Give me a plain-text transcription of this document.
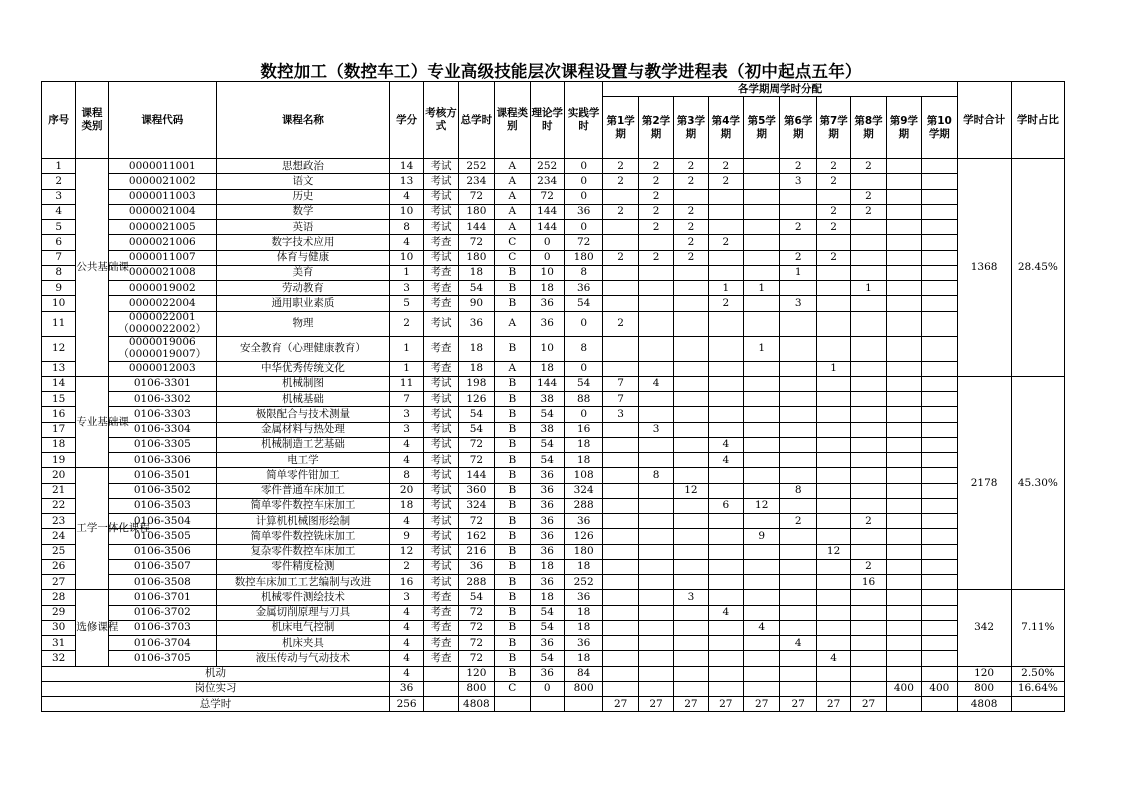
数控加工（数控车工）专业高级技能层次课程设置与教学进程表（初中起点五年）
序号	课程类别	课程代码	课程名称	学分	考核方式	总学时	课程类别	理论学时	实践学时	各学期周学时分配										学时合计	学时占比
										第1学期	第2学期	第3学期	第4学期	第5学期	第6学期	第7学期	第8学期	第9学期	第10学期		
1	公共基础课	0000011001	思想政治	14	考试	252	A	252	0	2	2	2	2		2	2	2			1368	28.45%
2		0000021002	语文	13	考试	234	A	234	0	2	2	2	2		3	2					
3		0000011003	历史	4	考试	72	A	72	0		2						2				
4		0000021004	数学	10	考试	180	A	144	36	2	2	2				2	2				
5		0000021005	英语	8	考试	144	A	144	0		2	2			2	2					
6		0000021006	数字技术应用	4	考查	72	C	0	72			2	2								
7		0000011007	体育与健康	10	考试	180	C	0	180	2	2	2			2	2					
8		0000021008	美育	1	考查	18	B	10	8						1						
9		0000019002	劳动教育	3	考查	54	B	18	36				1	1			1				
10		0000022004	通用职业素质	5	考查	90	B	36	54				2		3						
11		0000022001
（0000022002）	物理	2	考试	36	A	36	0	2											
12		0000019006
（0000019007）	安全教育（心理健康教育）	1	考查	18	B	10	8					1							
13		0000012003	中华优秀传统文化	1	考查	18	A	18	0							1					
14	专业基础课	0106-3301	机械制图	11	考试	198	B	144	54	7	4									2178	45.30%
15		0106-3302	机械基础	7	考试	126	B	38	88	7											
16		0106-3303	极限配合与技术测量	3	考试	54	B	54	0	3											
17		0106-3304	金属材料与热处理	3	考试	54	B	38	16		3										
18		0106-3305	机械制造工艺基础	4	考试	72	B	54	18				4								
19		0106-3306	电工学	4	考试	72	B	54	18				4								
20	工学一体化课程	0106-3501	简单零件钳加工	8	考试	144	B	36	108		8										
21		0106-3502	零件普通车床加工	20	考试	360	B	36	324			12			8						
22		0106-3503	简单零件数控车床加工	18	考试	324	B	36	288				6	12							
23		0106-3504	计算机机械图形绘制	4	考试	72	B	36	36						2		2				
24		0106-3505	简单零件数控铣床加工	9	考试	162	B	36	126					9							
25		0106-3506	复杂零件数控车床加工	12	考试	216	B	36	180							12					
26		0106-3507	零件精度检测	2	考试	36	B	18	18								2				
27		0106-3508	数控车床加工工艺编制与改进	16	考试	288	B	36	252								16				
28	选修课程	0106-3701	机械零件测绘技术	3	考查	54	B	18	36			3								342	7.11%
29		0106-3702	金属切削原理与刀具	4	考查	72	B	54	18				4								
30		0106-3703	机床电气控制	4	考查	72	B	54	18					4							
31		0106-3704	机床夹具	4	考查	72	B	36	36						4						
32		0106-3705	液压传动与气动技术	4	考查	72	B	54	18							4					
机动				4		120	B	36	84											120	2.50%
岗位实习				36		800	C	0	800									400	400	800	16.64%
总学时				256		4808				27	27	27	27	27	27	27	27			4808	
